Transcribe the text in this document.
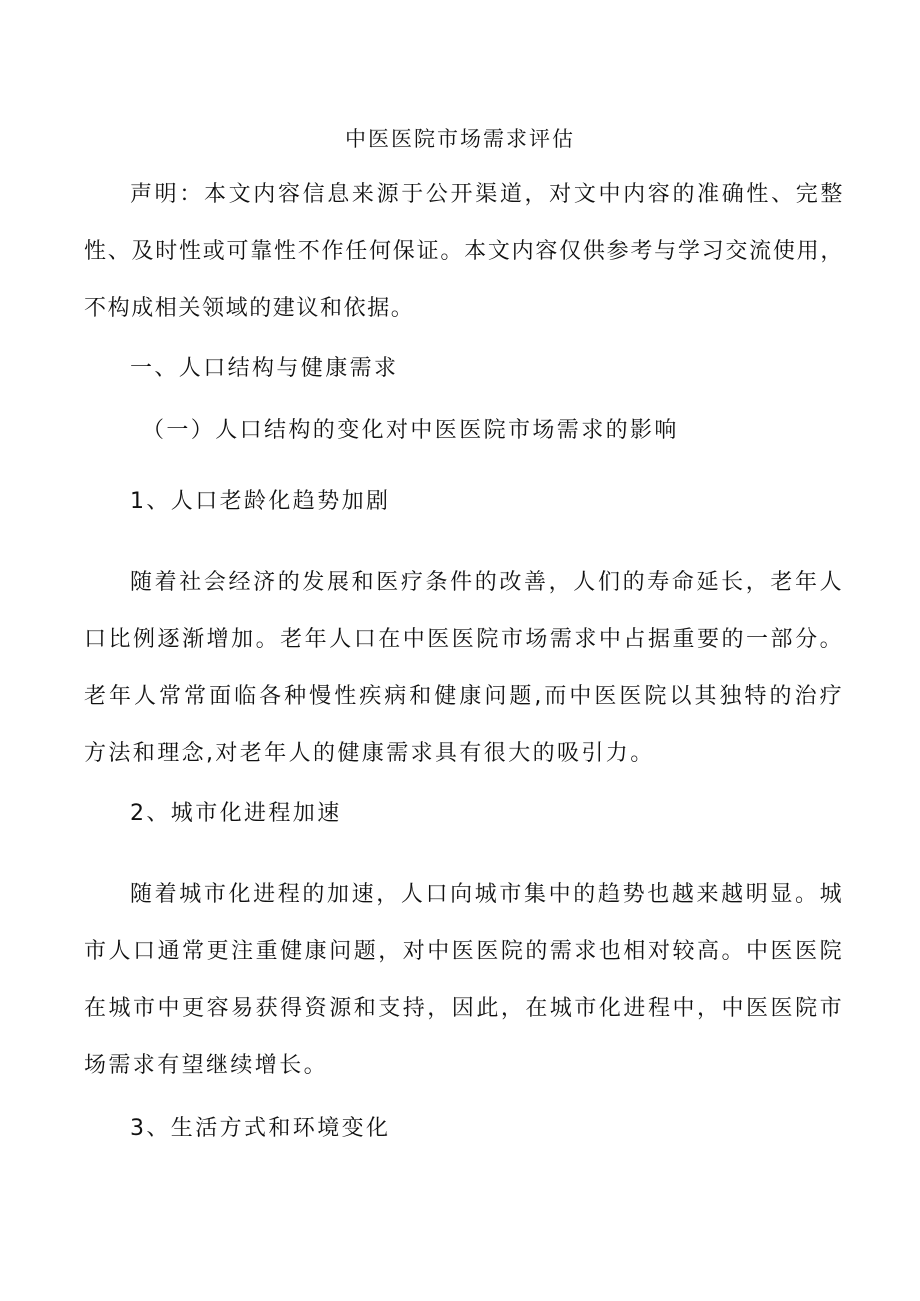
中医医院市场需求评估
声明：本文内容信息来源于公开渠道，对文中内容的准确性、完整性、及时性或可靠性不作任何保证。本文内容仅供参考与学习交流使用，不构成相关领域的建议和依据。
一、人口结构与健康需求
（一）人口结构的变化对中医医院市场需求的影响
1、人口老龄化趋势加剧
随着社会经济的发展和医疗条件的改善，人们的寿命延长，老年人口比例逐渐增加。老年人口在中医医院市场需求中占据重要的一部分。老年人常常面临各种慢性疾病和健康问题,而中医医院以其独特的治疗方法和理念,对老年人的健康需求具有很大的吸引力。
2、城市化进程加速
随着城市化进程的加速，人口向城市集中的趋势也越来越明显。城市人口通常更注重健康问题，对中医医院的需求也相对较高。中医医院在城市中更容易获得资源和支持，因此，在城市化进程中，中医医院市场需求有望继续增长。
3、生活方式和环境变化
